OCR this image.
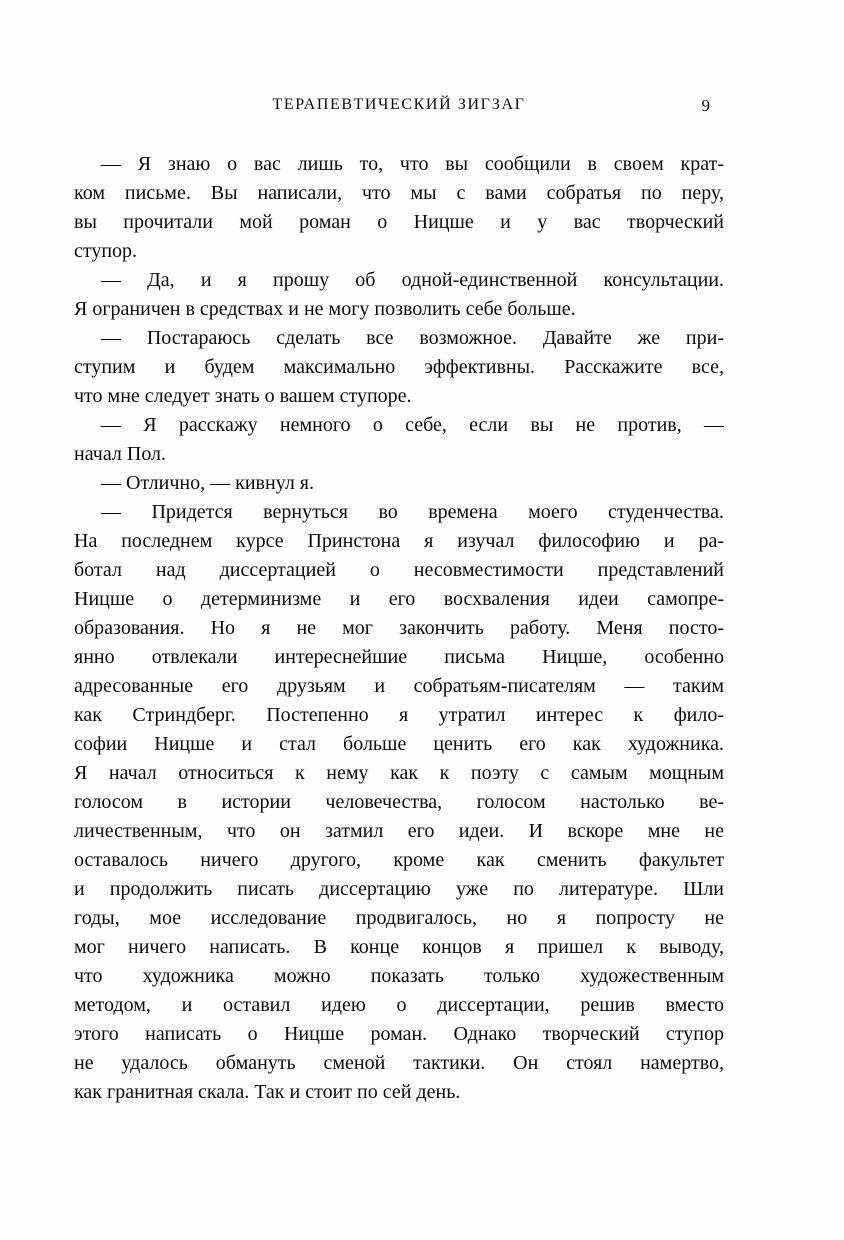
ТЕРАПЕВТИЧЕСКИЙ ЗИГЗАГ	9
— Я знаю о вас лишь то, что вы сообщили в своем крат-
ком письме. Вы написали, что мы с вами собратья по перу,
вы прочитали мой роман о Ницше и у вас творческий
ступор.
— Да, и я прошу об одной-единственной консультации.
Я ограничен в средствах и не могу позволить себе больше.
— Постараюсь сделать все возможное. Давайте же при-
ступим и будем максимально эффективны. Расскажите все,
что мне следует знать о вашем ступоре.
— Я расскажу немного о себе, если вы не против, —
начал Пол.
— Отлично, — кивнул я.
— Придется вернуться во времена моего студенчества.
На последнем курсе Принстона я изучал философию и ра-
ботал над диссертацией о несовместимости представлений
Ницше о детерминизме и его восхваления идеи самопре-
образования. Но я не мог закончить работу. Меня посто-
янно отвлекали интереснейшие письма Ницше, особенно
адресованные его друзьям и собратьям-писателям — таким
как Стриндберг. Постепенно я утратил интерес к фило-
софии Ницше и стал больше ценить его как художника.
Я начал относиться к нему как к поэту с самым мощным
голосом в истории человечества, голосом настолько ве-
личественным, что он затмил его идеи. И вскоре мне не
оставалось ничего другого, кроме как сменить факультет
и продолжить писать диссертацию уже по литературе. Шли
годы, мое исследование продвигалось, но я попросту не
мог ничего написать. В конце концов я пришел к выводу,
что художника можно показать только художественным
методом, и оставил идею о диссертации, решив вместо
этого написать о Ницше роман. Однако творческий ступор
не удалось обмануть сменой тактики. Он стоял намертво,
как гранитная скала. Так и стоит по сей день.
